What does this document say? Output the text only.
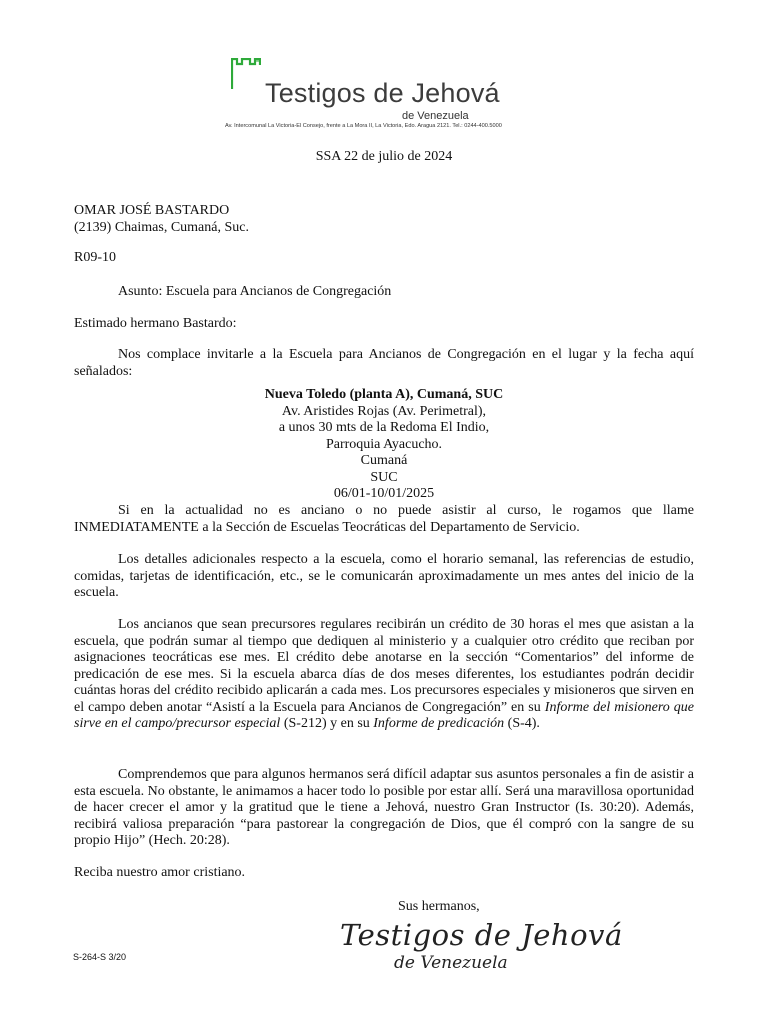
Testigos de Jehová
de Venezuela
Av. Intercomunal La Victoria-El Consejo, frente a La Mora II, La Victoria, Edo. Aragua 2121. Tel.: 0244-400.5000
SSA 22 de julio de 2024
OMAR JOSÉ BASTARDO
(2139) Chaimas, Cumaná, Suc.
R09-10
Asunto: Escuela para Ancianos de Congregación
Estimado hermano Bastardo:
Nos complace invitarle a la Escuela para Ancianos de Congregación en el lugar y la fecha aquí señalados:
Nueva Toledo (planta A), Cumaná, SUC
Av. Aristides Rojas (Av. Perimetral),
a unos 30 mts de la Redoma El Indio,
Parroquia Ayacucho.
Cumaná
SUC
06/01-10/01/2025
Si en la actualidad no es anciano o no puede asistir al curso, le rogamos que llame
INMEDIATAMENTE a la Sección de Escuelas Teocráticas del Departamento de Servicio.
Los detalles adicionales respecto a la escuela, como el horario semanal, las referencias de estudio, comidas, tarjetas de identificación, etc., se le comunicarán aproximadamente un mes antes del inicio de la escuela.
Los ancianos que sean precursores regulares recibirán un crédito de 30 horas el mes que asistan a la escuela, que podrán sumar al tiempo que dediquen al ministerio y a cualquier otro crédito que reciban por asignaciones teocráticas ese mes. El crédito debe anotarse en la sección “Comentarios” del informe de predicación de ese mes. Si la escuela abarca días de dos meses diferentes, los estudiantes podrán decidir cuántas horas del crédito recibido aplicarán a cada mes. Los precursores especiales y misioneros que sirven en el campo deben anotar “Asistí a la Escuela para Ancianos de Congregación” en su Informe del misionero que sirve en el campo/precursor especial (S-212) y en su Informe de predicación (S-4).
Comprendemos que para algunos hermanos será difícil adaptar sus asuntos personales a fin de asistir a esta escuela. No obstante, le animamos a hacer todo lo posible por estar allí. Será una maravillosa oportunidad de hacer crecer el amor y la gratitud que le tiene a Jehová, nuestro Gran Instructor (Is. 30:20). Además, recibirá valiosa preparación “para pastorear la congregación de Dios, que él compró con la sangre de su propio Hijo” (Hech. 20:28).
Reciba nuestro amor cristiano.
Sus hermanos,
Testigos de Jehová
de Venezuela
S-264-S 3/20
